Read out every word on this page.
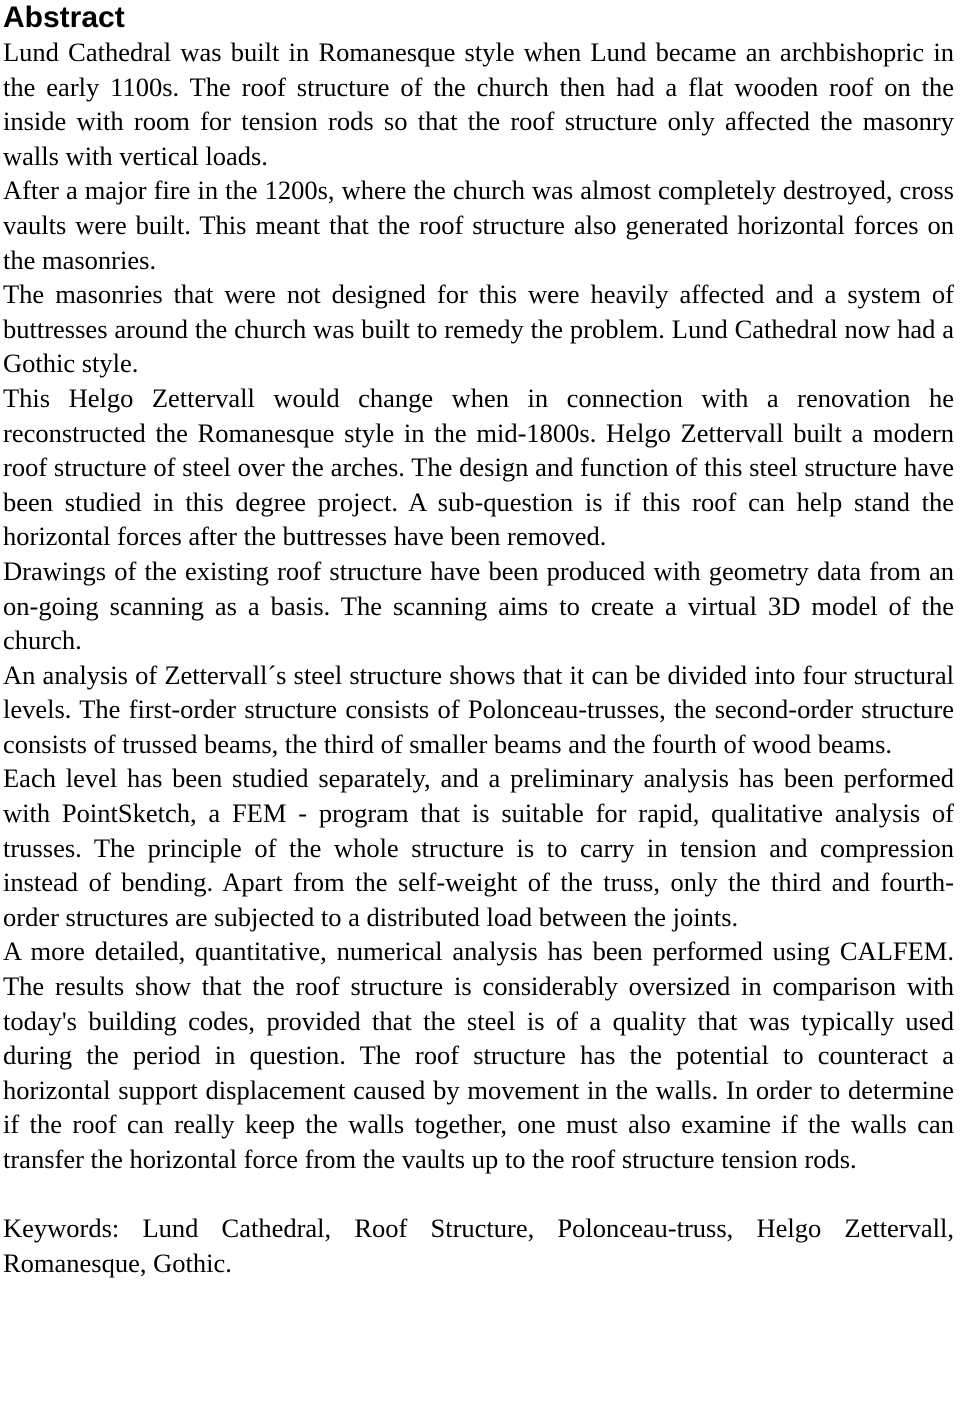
Abstract

Lund Cathedral was built in Romanesque style when Lund became an archbishopric in the early 1100s. The roof structure of the church then had a flat wooden roof on the inside with room for tension rods so that the roof structure only affected the masonry walls with vertical loads.

After a major fire in the 1200s, where the church was almost completely destroyed, cross vaults were built. This meant that the roof structure also generated horizontal forces on the masonries.

The masonries that were not designed for this were heavily affected and a system of buttresses around the church was built to remedy the problem. Lund Cathedral now had a Gothic style.

This Helgo Zettervall would change when in connection with a renovation he reconstructed the Romanesque style in the mid-1800s. Helgo Zettervall built a modern roof structure of steel over the arches. The design and function of this steel structure have been studied in this degree project. A sub-question is if this roof can help stand the horizontal forces after the buttresses have been removed.

Drawings of the existing roof structure have been produced with geometry data from an on-going scanning as a basis. The scanning aims to create a virtual 3D model of the church.

An analysis of Zettervall´s steel structure shows that it can be divided into four structural levels. The first-order structure consists of Polonceau-trusses, the second-order structure consists of trussed beams, the third of smaller beams and the fourth of wood beams.

Each level has been studied separately, and a preliminary analysis has been performed with PointSketch, a FEM - program that is suitable for rapid, qualitative analysis of trusses. The principle of the whole structure is to carry in tension and compression instead of bending. Apart from the self-weight of the truss, only the third and fourth-order structures are subjected to a distributed load between the joints.

A more detailed, quantitative, numerical analysis has been performed using CALFEM. The results show that the roof structure is considerably oversized in comparison with today's building codes, provided that the steel is of a quality that was typically used during the period in question. The roof structure has the potential to counteract a horizontal support displacement caused by movement in the walls. In order to determine if the roof can really keep the walls together, one must also examine if the walls can transfer the horizontal force from the vaults up to the roof structure tension rods.

Keywords: Lund Cathedral, Roof Structure, Polonceau-truss, Helgo Zettervall, Romanesque, Gothic.
